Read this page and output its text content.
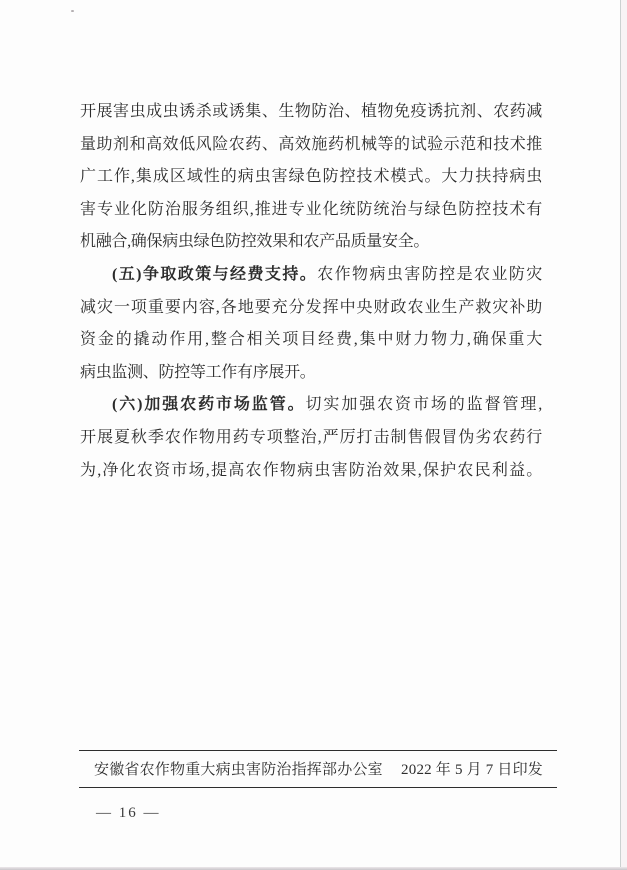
开展害虫成虫诱杀或诱集、生物防治、植物免疫诱抗剂、农药减
量助剂和高效低风险农药、高效施药机械等的试验示范和技术推
广工作,集成区域性的病虫害绿色防控技术模式。大力扶持病虫
害专业化防治服务组织,推进专业化统防统治与绿色防控技术有
机融合,确保病虫绿色防控效果和农产品质量安全。
(五)争取政策与经费支持。农作物病虫害防控是农业防灾
减灾一项重要内容,各地要充分发挥中央财政农业生产救灾补助
资金的撬动作用,整合相关项目经费,集中财力物力,确保重大
病虫监测、防控等工作有序展开。
(六)加强农药市场监管。切实加强农资市场的监督管理,
开展夏秋季农作物用药专项整治,严厉打击制售假冒伪劣农药行
为,净化农资市场,提高农作物病虫害防治效果,保护农民利益。
安徽省农作物重大病虫害防治指挥部办公室 2022 年 5 月 7 日印发
— 16 —
